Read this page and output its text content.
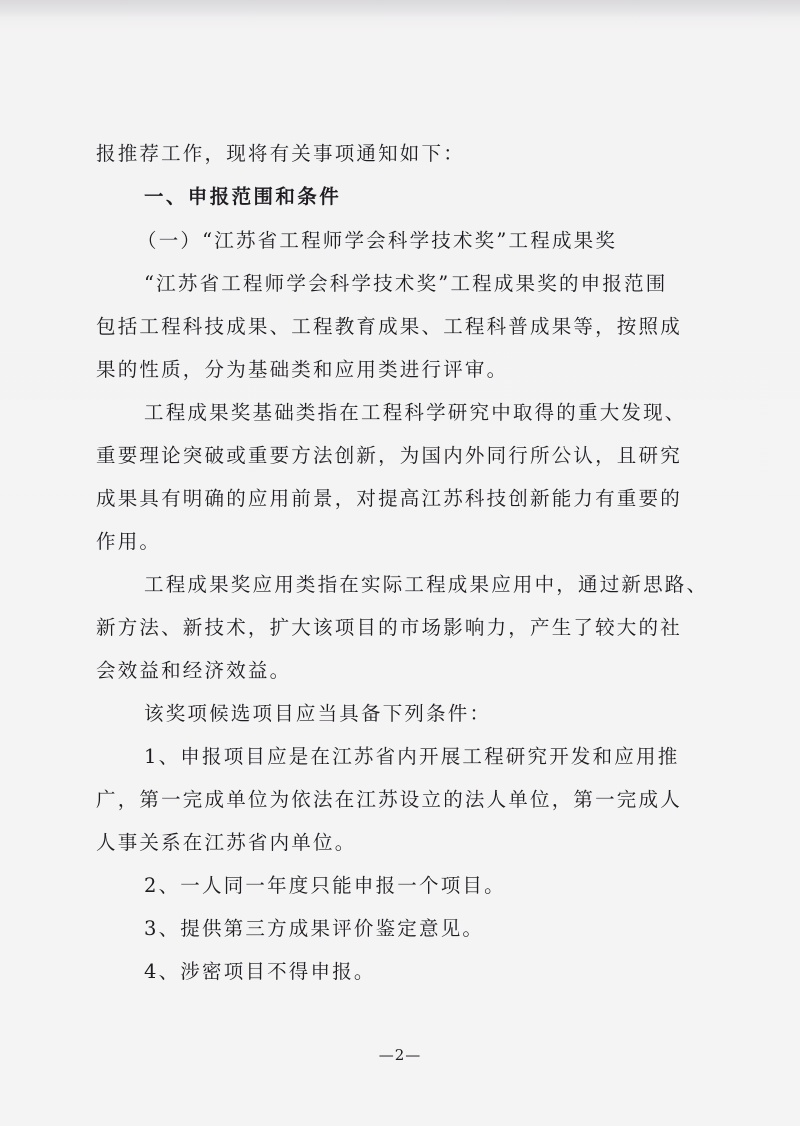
报推荐工作，现将有关事项通知如下：
一、申报范围和条件
（一）“江苏省工程师学会科学技术奖”工程成果奖
“江苏省工程师学会科学技术奖”工程成果奖的申报范围
包括工程科技成果、工程教育成果、工程科普成果等，按照成
果的性质，分为基础类和应用类进行评审。
工程成果奖基础类指在工程科学研究中取得的重大发现、
重要理论突破或重要方法创新，为国内外同行所公认，且研究
成果具有明确的应用前景，对提高江苏科技创新能力有重要的
作用。
工程成果奖应用类指在实际工程成果应用中，通过新思路、
新方法、新技术，扩大该项目的市场影响力，产生了较大的社
会效益和经济效益。
该奖项候选项目应当具备下列条件：
1、申报项目应是在江苏省内开展工程研究开发和应用推
广，第一完成单位为依法在江苏设立的法人单位，第一完成人
人事关系在江苏省内单位。
2、一人同一年度只能申报一个项目。
3、提供第三方成果评价鉴定意见。
4、涉密项目不得申报。
—2—
